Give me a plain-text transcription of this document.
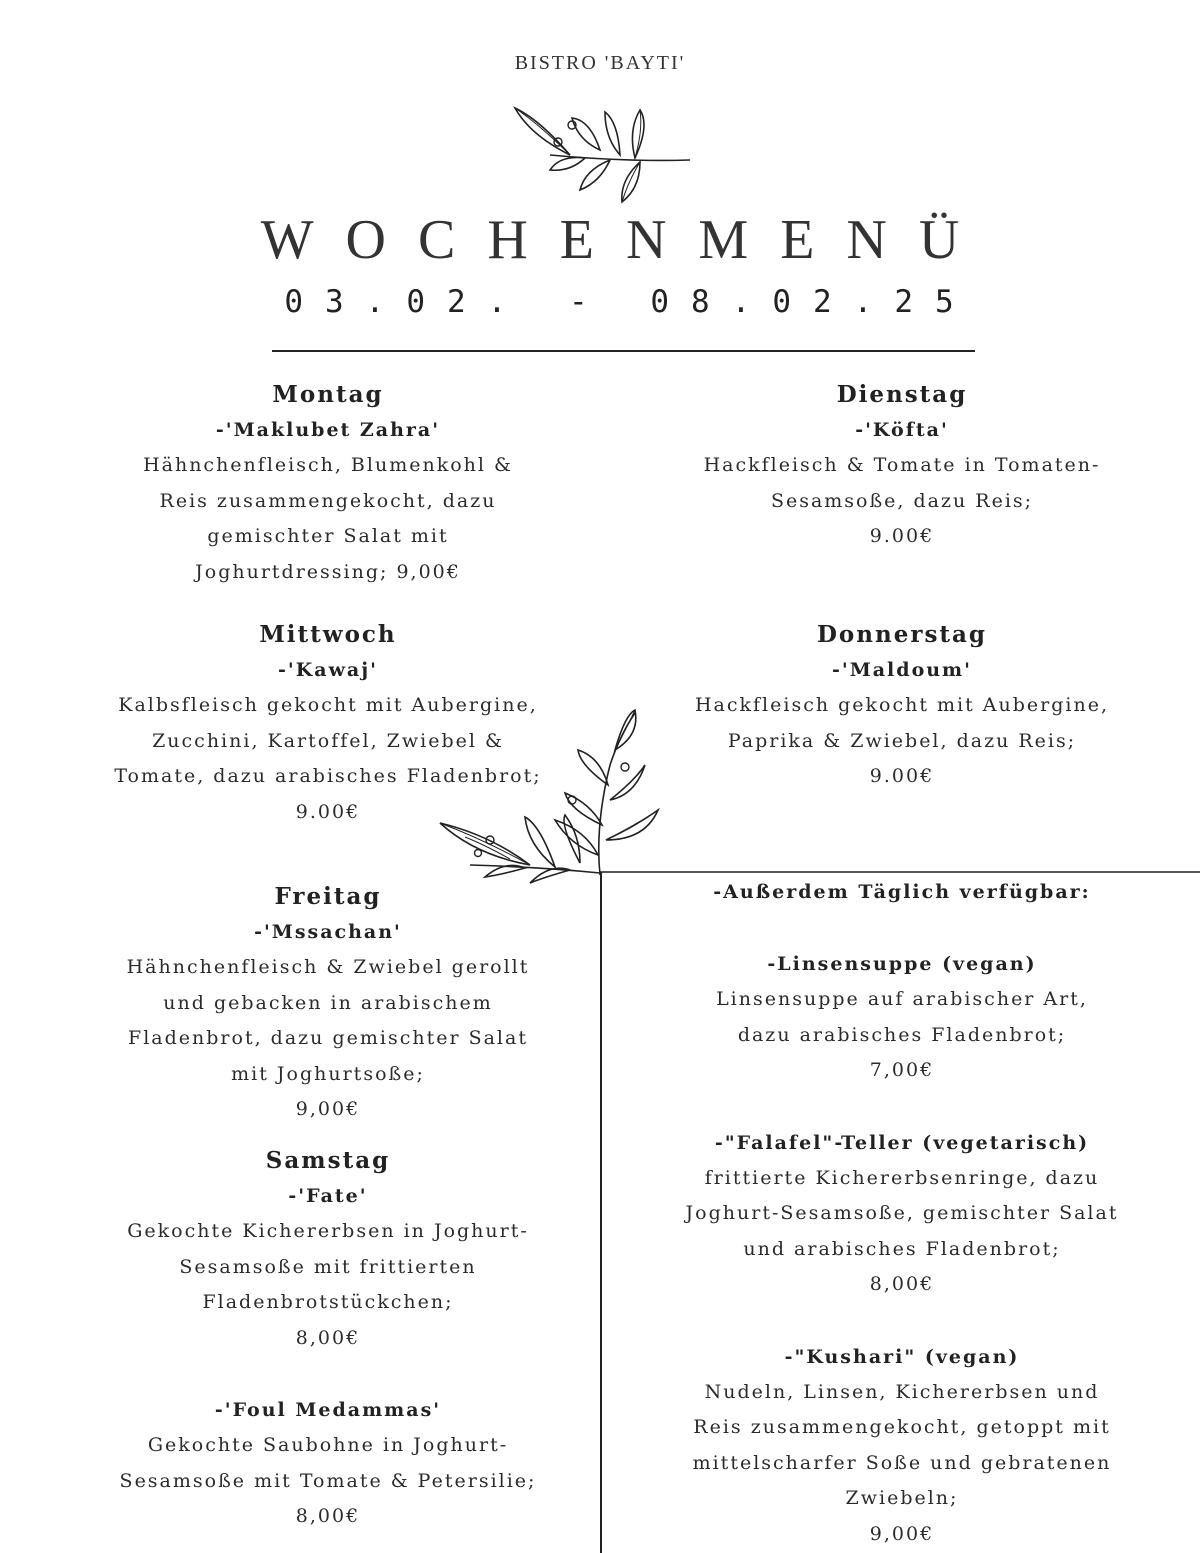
BISTRO 'BAYTI'
WOCHENMENÜ
03.02. - 08.02.25
Montag
-'Maklubet Zahra'
Hähnchenfleisch, Blumenkohl &
Reis zusammengekocht, dazu
gemischter Salat mit
Joghurtdressing; 9,00€
Mittwoch
-'Kawaj'
Kalbsfleisch gekocht mit Aubergine,
Zucchini, Kartoffel, Zwiebel &
Tomate, dazu arabisches Fladenbrot;
9.00€
Freitag
-'Mssachan'
Hähnchenfleisch & Zwiebel gerollt
und gebacken in arabischem
Fladenbrot, dazu gemischter Salat
mit Joghurtsoße;
9,00€
Samstag
-'Fate'
Gekochte Kichererbsen in Joghurt-
Sesamsoße mit frittierten
Fladenbrotstückchen;
8,00€
-'Foul Medammas'
Gekochte Saubohne in Joghurt-
Sesamsoße mit Tomate & Petersilie;
8,00€
Dienstag
-'Köfta'
Hackfleisch & Tomate in Tomaten-
Sesamsoße, dazu Reis;
9.00€
Donnerstag
-'Maldoum'
Hackfleisch gekocht mit Aubergine,
Paprika & Zwiebel, dazu Reis;
9.00€
-Außerdem Täglich verfügbar:
-Linsensuppe (vegan)
Linsensuppe auf arabischer Art,
dazu arabisches Fladenbrot;
7,00€
-"Falafel"-Teller (vegetarisch)
frittierte Kichererbsenringe, dazu
Joghurt-Sesamsoße, gemischter Salat
und arabisches Fladenbrot;
8,00€
-"Kushari" (vegan)
Nudeln, Linsen, Kichererbsen und
Reis zusammengekocht, getoppt mit
mittelscharfer Soße und gebratenen
Zwiebeln;
9,00€
